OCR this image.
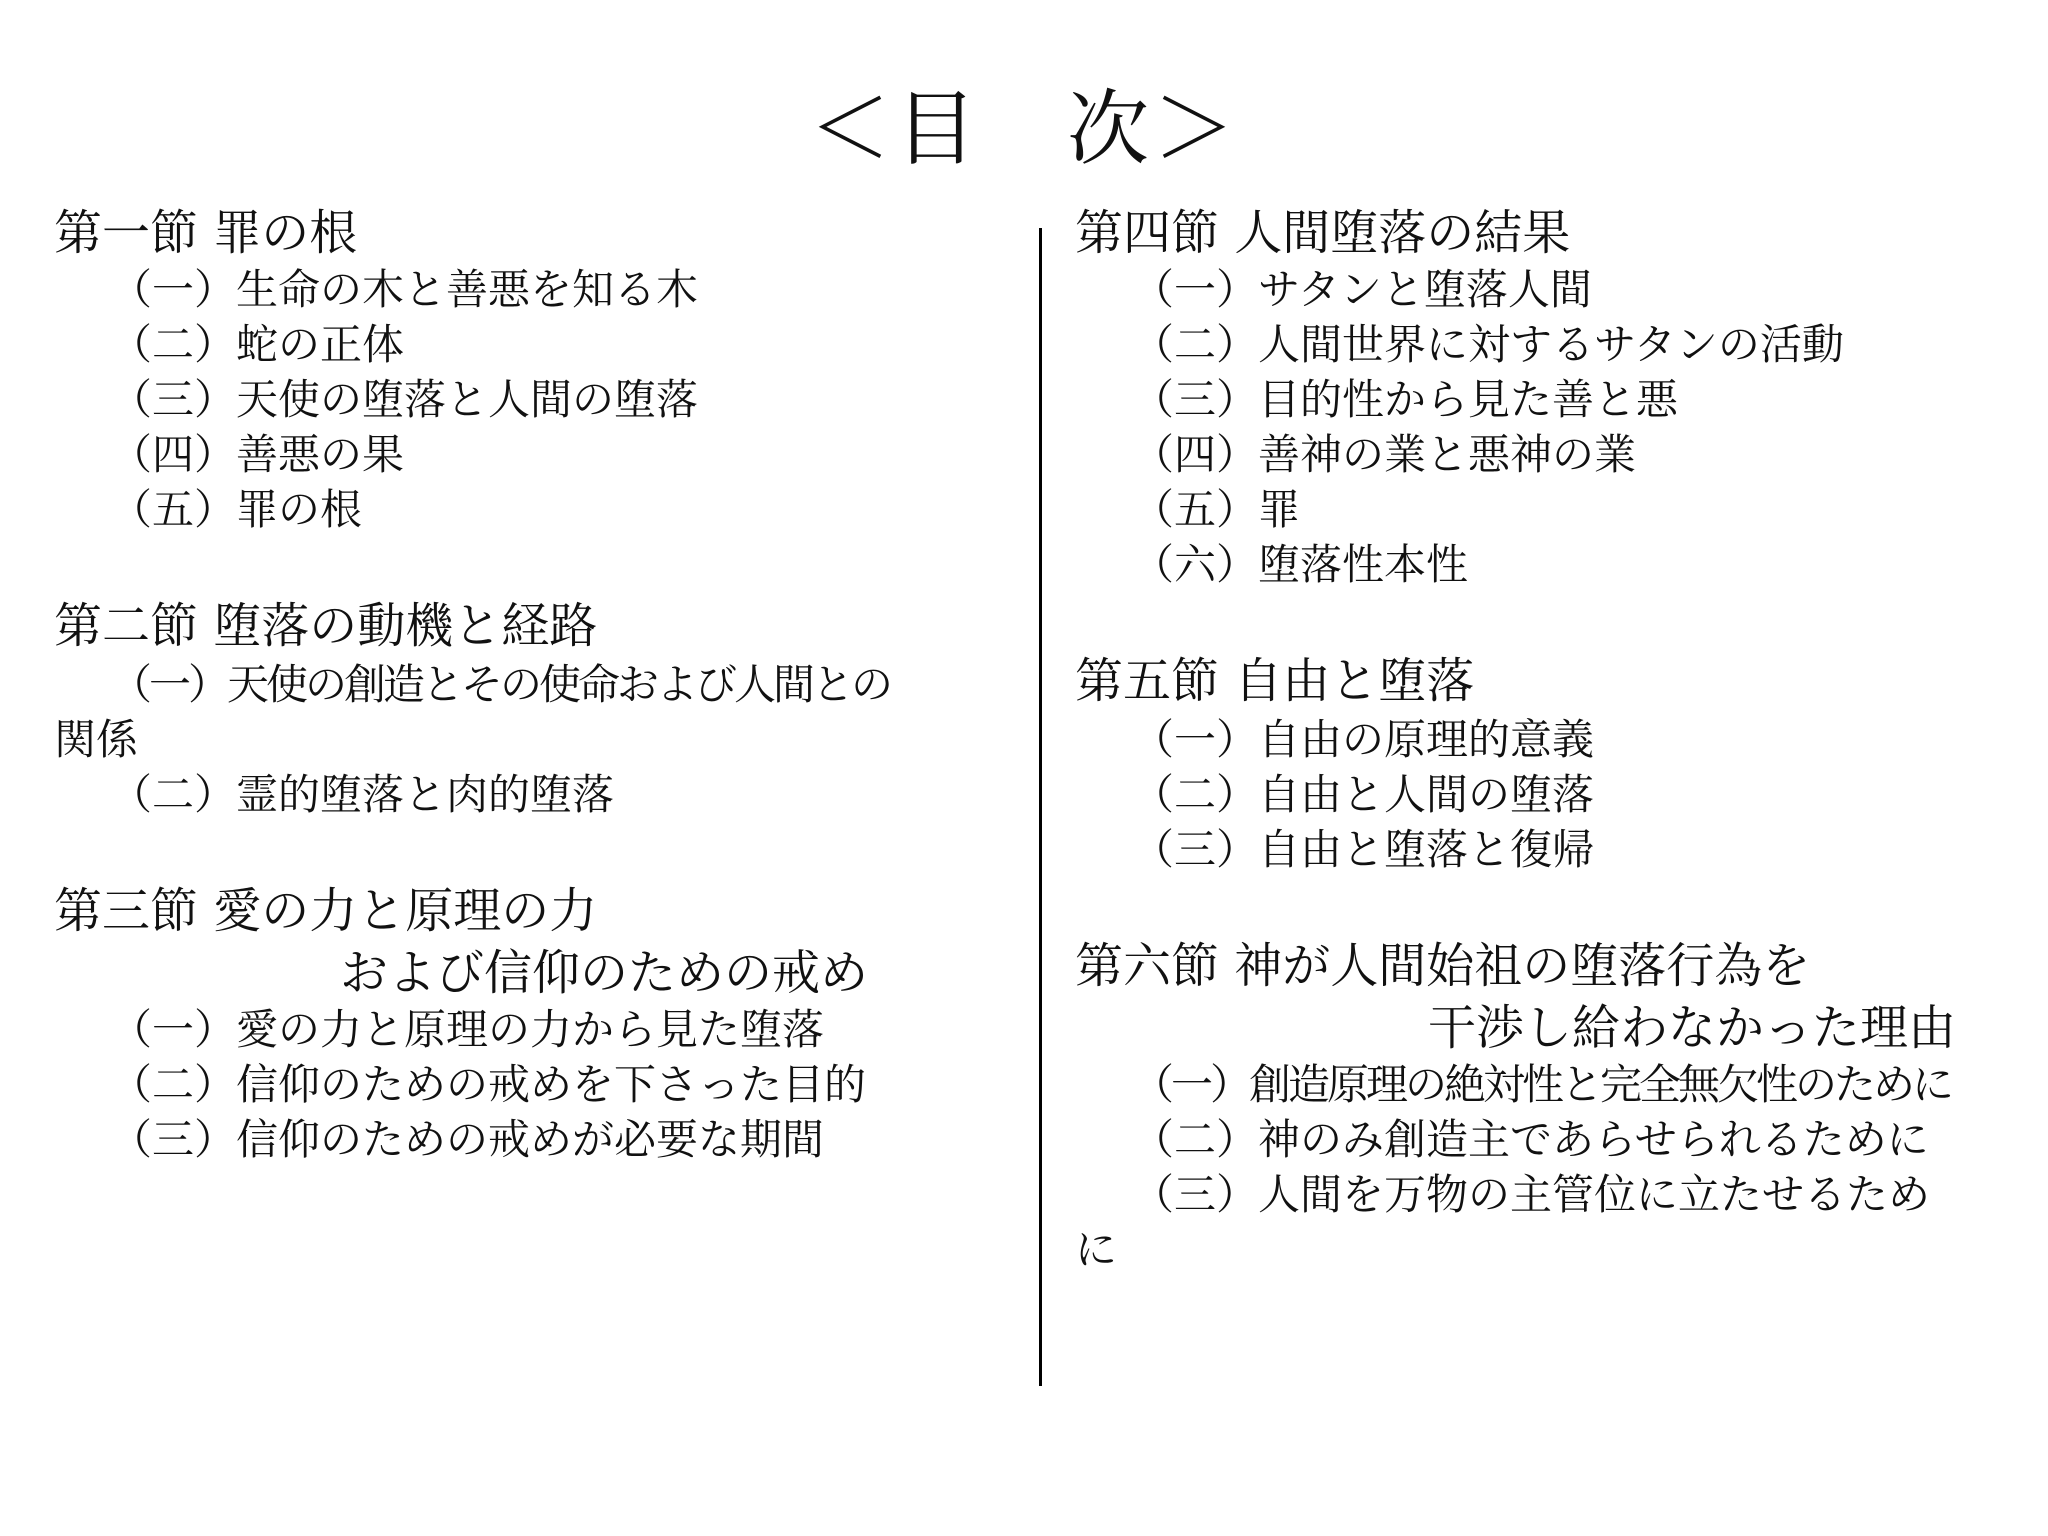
＜目　次＞
第一節 罪の根
（一）生命の木と善悪を知る木
（二）蛇の正体
（三）天使の堕落と人間の堕落
（四）善悪の果
（五）罪の根
第二節 堕落の動機と経路
（一）天使の創造とその使命および人間との
関係
（二）霊的堕落と肉的堕落
第三節 愛の力と原理の力
および信仰のための戒め
（一）愛の力と原理の力から見た堕落
（二）信仰のための戒めを下さった目的
（三）信仰のための戒めが必要な期間
第四節 人間堕落の結果
（一）サタンと堕落人間
（二）人間世界に対するサタンの活動
（三）目的性から見た善と悪
（四）善神の業と悪神の業
（五）罪
（六）堕落性本性
第五節 自由と堕落
（一）自由の原理的意義
（二）自由と人間の堕落
（三）自由と堕落と復帰
第六節 神が人間始祖の堕落行為を
干渉し給わなかった理由
（一）創造原理の絶対性と完全無欠性のために
（二）神のみ創造主であらせられるために
（三）人間を万物の主管位に立たせるため
に
